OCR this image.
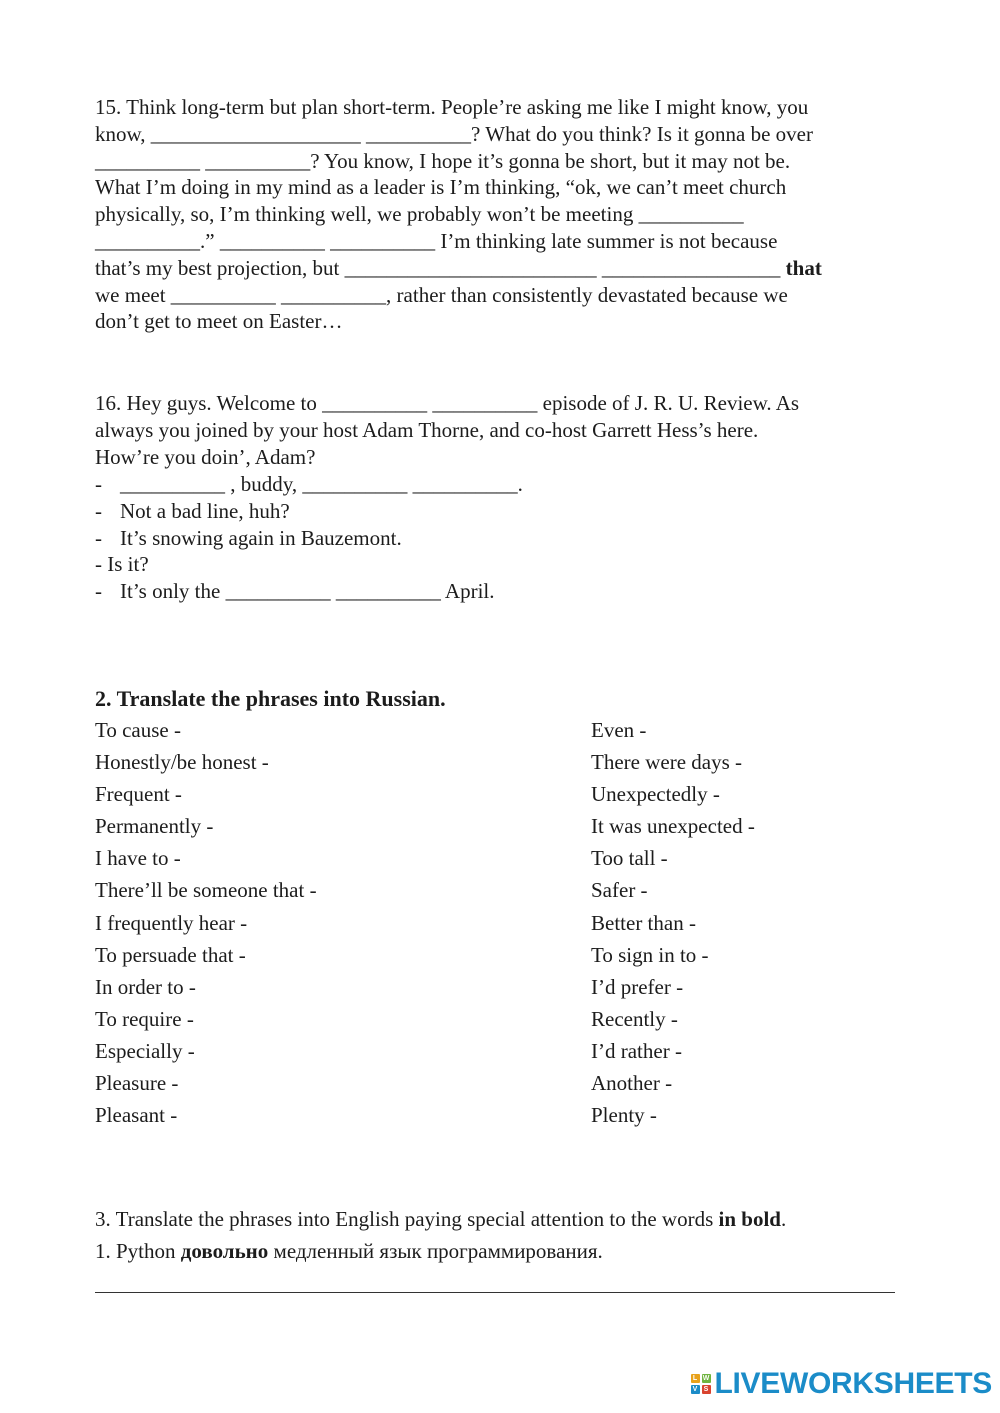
15. Think long-term but plan short-term. People’re asking me like I might know, you
know, ____________________ __________? What do you think? Is it gonna be over
__________ __________? You know, I hope it’s gonna be short, but it may not be.
What I’m doing in my mind as a leader is I’m thinking, “ok, we can’t meet church
physically, so, I’m thinking well, we probably won’t be meeting __________
__________.” __________ __________ I’m thinking late summer is not because
that’s my best projection, but ________________________ _________________ that
we meet __________ __________, rather than consistently devastated because we
don’t get to meet on Easter…
16. Hey guys. Welcome to __________ __________ episode of J. R. U. Review. As
always you joined by your host Adam Thorne, and co-host Garrett Hess’s here.
How’re you doin’, Adam?
- __________ , buddy, __________ __________.
- Not a bad line, huh?
- It’s snowing again in Bauzemont.
- Is it?
- It’s only the __________ __________ April.
2. Translate the phrases into Russian.
To cause -
Honestly/be honest -
Frequent -
Permanently -
I have to -
There’ll be someone that -
I frequently hear -
To persuade that -
In order to -
To require -
Especially -
Pleasure -
Pleasant -
Even -
There were days -
Unexpectedly -
It was unexpected -
Too tall -
Safer -
Better than -
To sign in to -
I’d prefer -
Recently -
I’d rather -
Another -
Plenty -
3. Translate the phrases into English paying special attention to the words in bold.
1. Python довольно медленный язык программирования.
L W
V S LIVEWORKSHEETS
